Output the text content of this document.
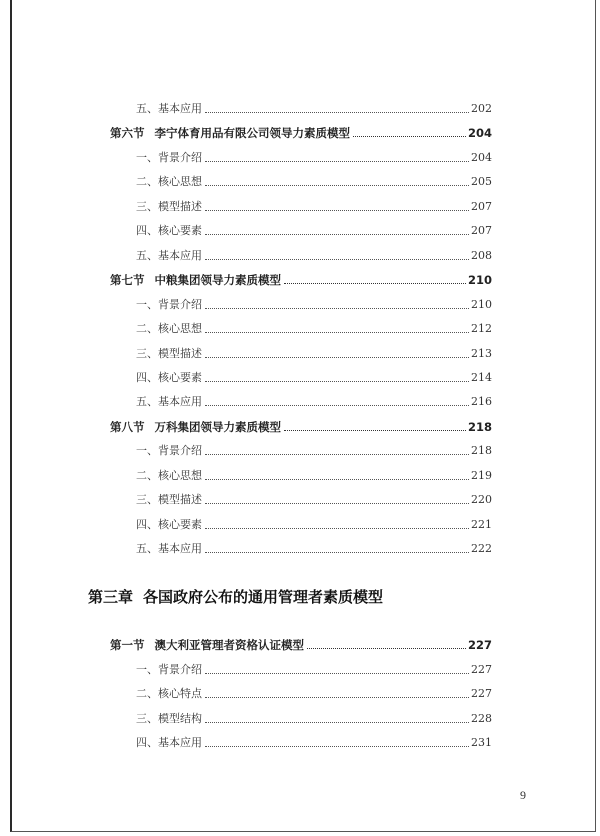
五、基本应用	202
第六节 李宁体育用品有限公司领导力素质模型	204
一、背景介绍	204
二、核心思想	205
三、模型描述	207
四、核心要素	207
五、基本应用	208
第七节 中粮集团领导力素质模型	210
一、背景介绍	210
二、核心思想	212
三、模型描述	213
四、核心要素	214
五、基本应用	216
第八节 万科集团领导力素质模型	218
一、背景介绍	218
二、核心思想	219
三、模型描述	220
四、核心要素	221
五、基本应用	222
第一节 澳大利亚管理者资格认证模型	227
一、背景介绍	227
二、核心特点	227
三、模型结构	228
四、基本应用	231
第三章 各国政府公布的通用管理者素质模型
9
